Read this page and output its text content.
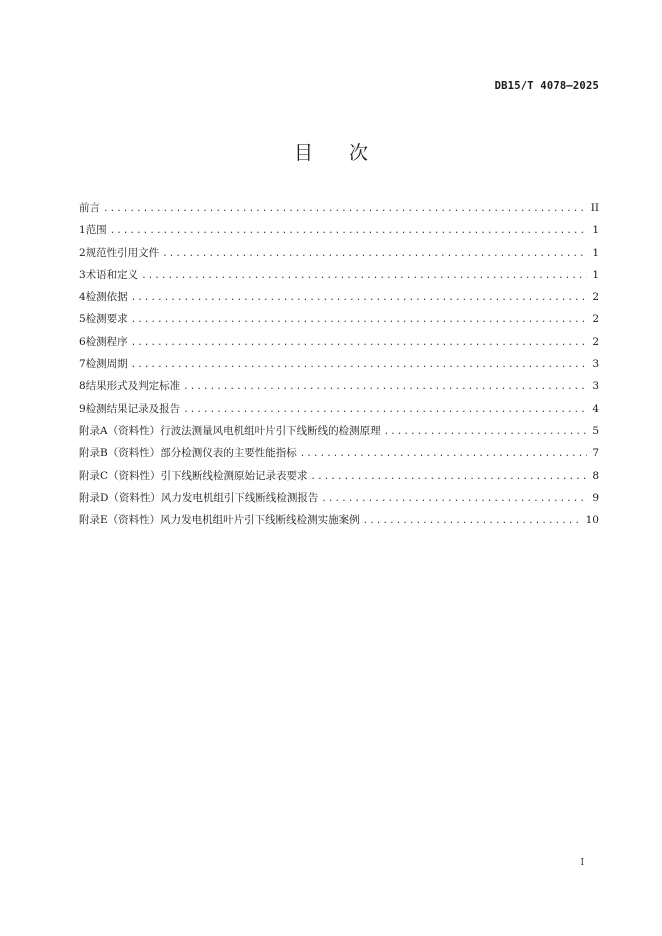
DB15/T 4078—2025
目 次
前言 .....	II
1 范围 .....	1
2 规范性引用文件 .....	1
3 术语和定义 .....	1
4 检测依据 .....	2
5 检测要求 .....	2
6 检测程序 .....	2
7 检测周期 .....	3
8 结果形式及判定标准 .....	3
9 检测结果记录及报告 .....	4
附录A（资料性） 行波法测量风电机组叶片引下线断线的检测原理 .....	5
附录B（资料性） 部分检测仪表的主要性能指标 .....	7
附录C（资料性） 引下线断线检测原始记录表要求 .....	8
附录D（资料性） 风力发电机组引下线断线检测报告 .....	9
附录E（资料性） 风力发电机组叶片引下线断线检测实施案例 .....	10
I
